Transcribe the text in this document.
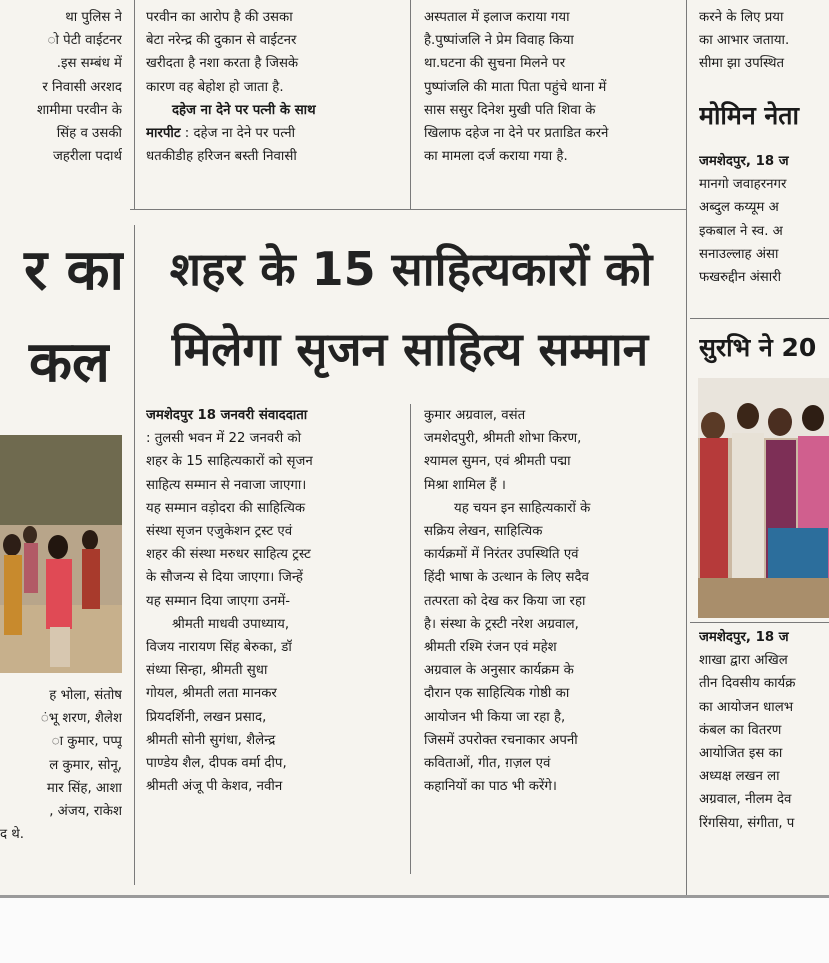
था पुलिस ने

ो पेटी वाईटनर

.इस सम्बंध में

र निवासी अरशद

शामीमा परवीन के

सिंह व उसकी

जहरीला पदार्थ

परवीन का आरोप है की उसका

बेटा नरेन्द्र की दुकान से वाईटनर

खरीदता है नशा करता है जिसके

कारण वह बेहोश हो जाता है.

दहेज ना देने पर पत्नी के साथ

मारपीट : दहेज ना देने पर पत्नी

धतकीडीह हरिजन बस्ती निवासी

अस्पताल में इलाज कराया गया

है.पुष्पांजलि ने प्रेम विवाह किया

था.घटना की सुचना मिलने पर

पुष्पांजलि की माता पिता पहुंचे थाना में

सास ससुर दिनेश मुखी पति शिवा के

खिलाफ दहेज ना देने पर प्रताडित करने

का मामला दर्ज कराया गया है.

करने के लिए प्रया

का आभार जताया.

सीमा झा उपस्थित

मोमिन नेता

जमशेदपुर, 18 ज

मानगो जवाहरनगर

अब्दुल कय्यूम अ

इकबाल ने स्व. अ

सनाउल्लाह अंसा

फखरुद्दीन अंसारी

सुरभि ने 20

जमशेदपुर, 18 ज

शाखा द्वारा अखिल

तीन दिवसीय कार्यक्र

का आयोजन धालभ

कंबल का वितरण

आयोजित इस का

अध्यक्ष लखन ला

अग्रवाल, नीलम देव

रिंगसिया, संगीता, प

र का
कल

ह भोला, संतोष

ंभू शरण, शैलेश

ा कुमार, पप्पू

ल कुमार, सोनू,

मार सिंह, आशा

, अंजय, राकेश

द थे.

शहर के 15 साहित्यकारों को
मिलेगा सृजन साहित्य सम्मान

जमशेदपुर 18 जनवरी संवाददाता

: तुलसी भवन में 22 जनवरी को

शहर के 15 साहित्यकारों को सृजन

साहित्य सम्मान से नवाजा जाएगा।

यह सम्मान वड़ोदरा की साहित्यिक

संस्था सृजन एजुकेशन ट्रस्ट एवं

शहर की संस्था मरुधर साहित्य ट्रस्ट

के सौजन्य से दिया जाएगा। जिन्हें

यह सम्मान दिया जाएगा उनमें-

श्रीमती माधवी उपाध्याय,

विजय नारायण सिंह बेरुका, डॉ

संध्या सिन्हा, श्रीमती सुधा

गोयल, श्रीमती लता मानकर

प्रियदर्शिनी, लखन प्रसाद,

श्रीमती सोनी सुगंधा, शैलेन्द्र

पाण्डेय शैल, दीपक वर्मा दीप,

श्रीमती अंजू पी केशव, नवीन

कुमार अग्रवाल, वसंत

जमशेदपुरी, श्रीमती शोभा किरण,

श्यामल सुमन, एवं श्रीमती पद्मा

मिश्रा शामिल हैं ।

यह चयन इन साहित्यकारों के

सक्रिय लेखन, साहित्यिक

कार्यक्रमों में निरंतर उपस्थिति एवं

हिंदी भाषा के उत्थान के लिए सदैव

तत्परता को देख कर किया जा रहा

है। संस्था के ट्रस्टी नरेश अग्रवाल,

श्रीमती रश्मि रंजन एवं महेश

अग्रवाल के अनुसार कार्यक्रम के

दौरान एक साहित्यिक गोष्ठी का

आयोजन भी किया जा रहा है,

जिसमें उपरोक्त रचनाकार अपनी

कविताओं, गीत, ग़ज़ल एवं

कहानियों का पाठ भी करेंगे।
